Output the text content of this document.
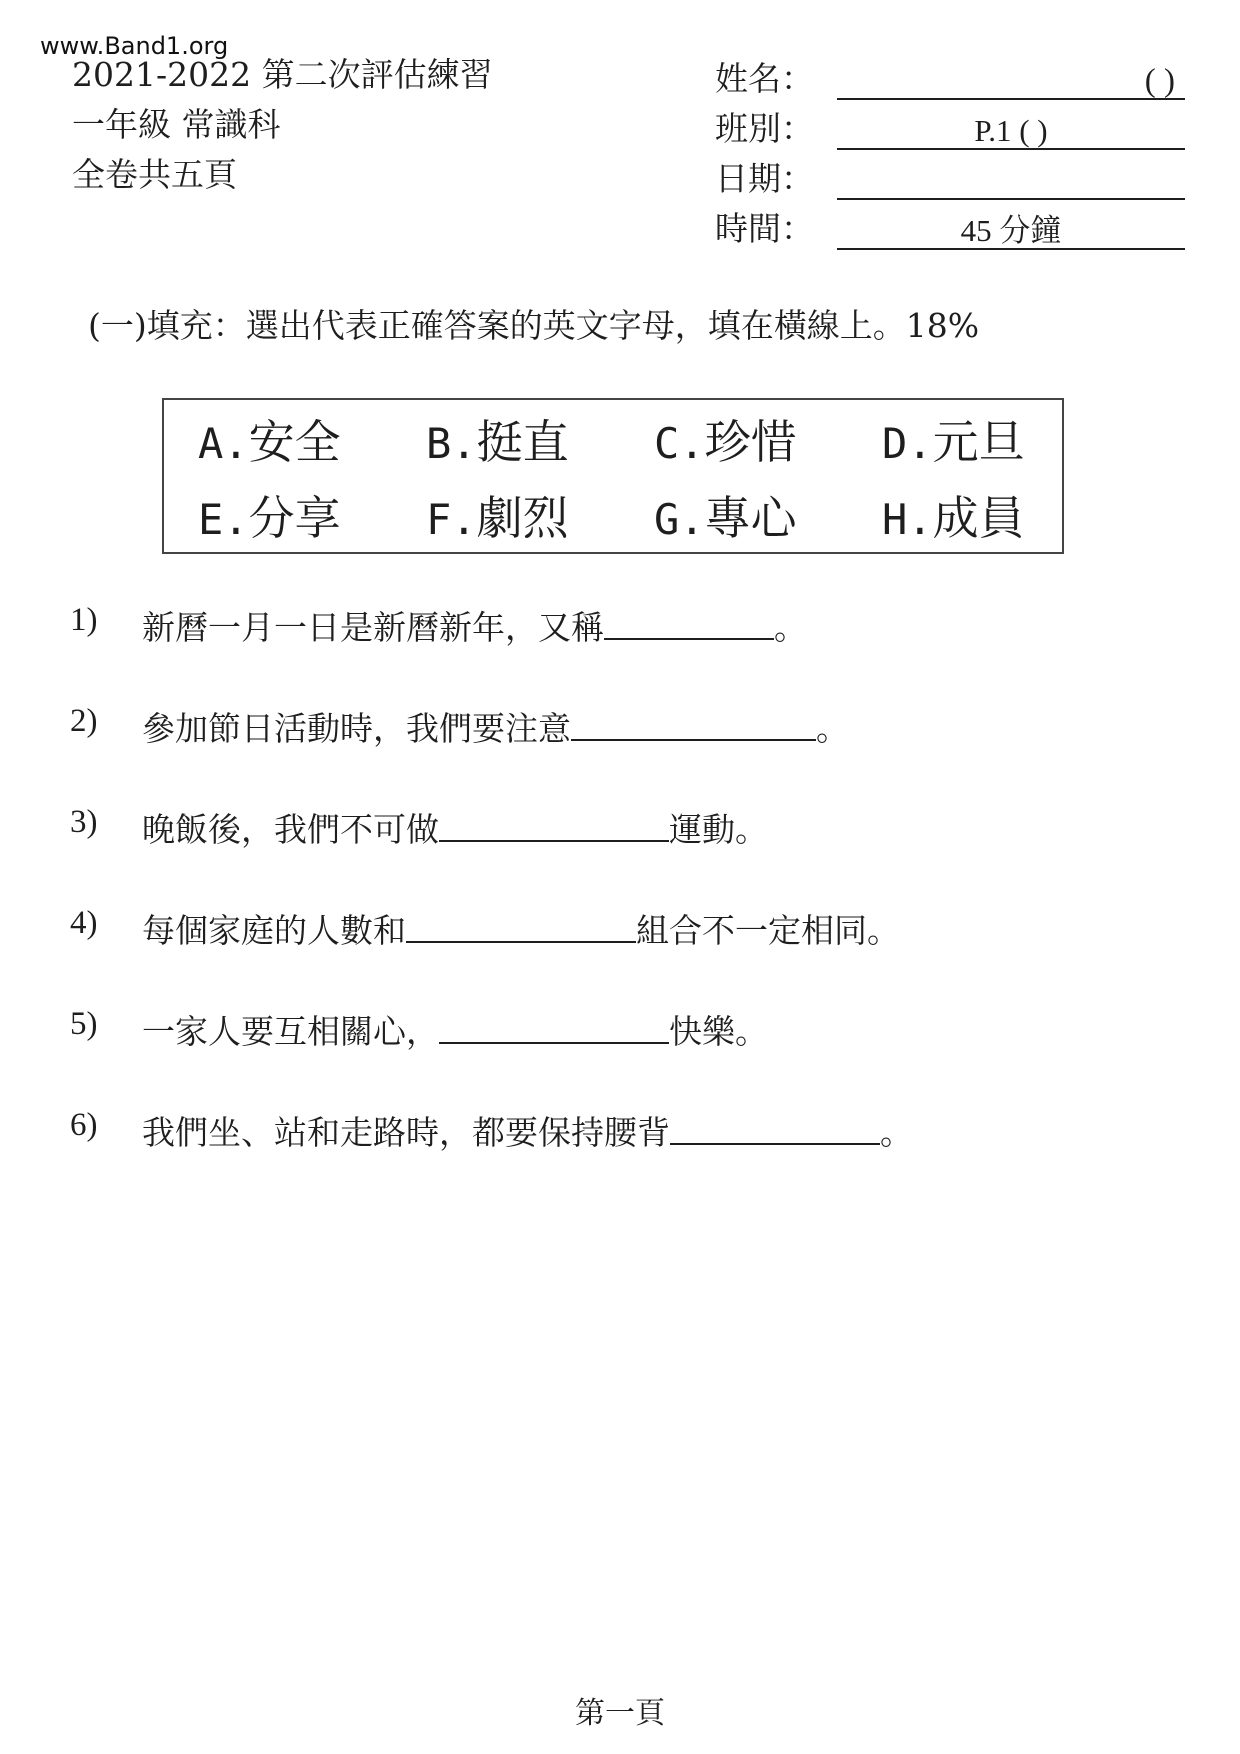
www.Band1.org
2021-2022 第二次評估練習
一年級 常識科
全卷共五頁
姓名：	( )
班別：	P.1 ( )
日期：
時間：	45 分鐘
(一)填充：選出代表正確答案的英文字母，填在橫線上。18%
A.安全	B.挺直	C.珍惜	D.元旦
E.分享	F.劇烈	G.專心	H.成員
1)	新曆一月一日是新曆新年，又稱	。
2)	參加節日活動時，我們要注意	。
3)	晚飯後，我們不可做	運動。
4)	每個家庭的人數和	組合不一定相同。
5)	一家人要互相關心，	快樂。
6)	我們坐、站和走路時，都要保持腰背	。
第一頁
